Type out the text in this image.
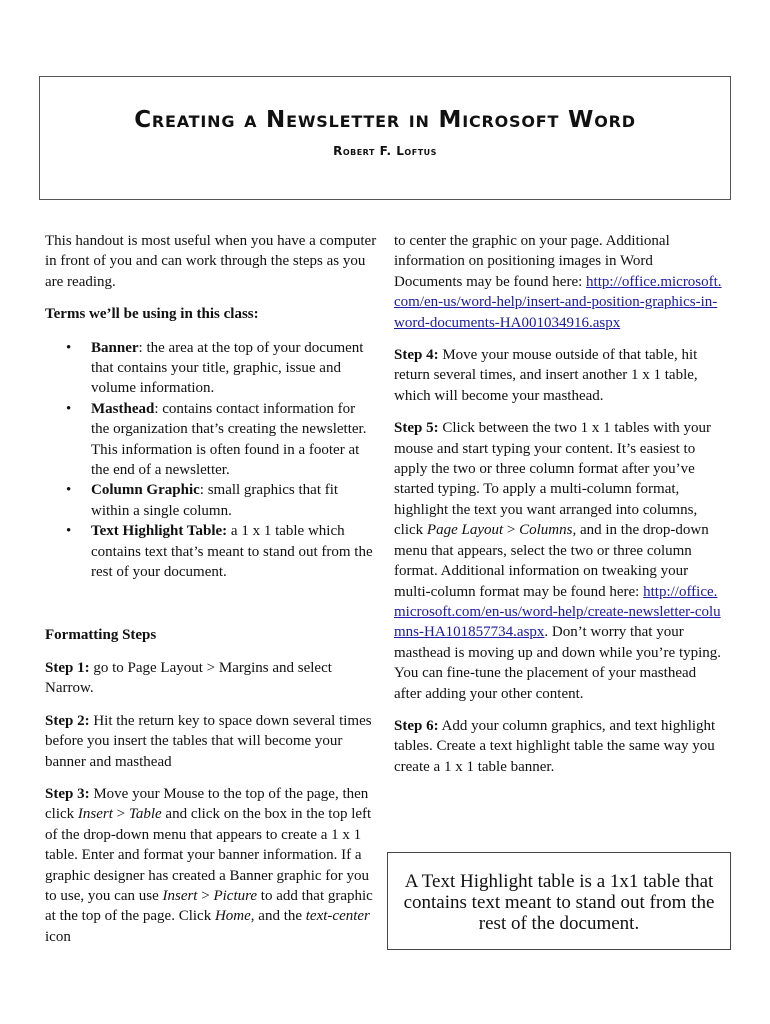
Creating a Newsletter in Microsoft Word
Robert F. Loftus

This handout is most useful when you have a computer in front of you and can work through the steps as you are reading.

Terms we’ll be using in this class:

• Banner: the area at the top of your document that contains your title, graphic, issue and volume information.
• Masthead: contains contact information for the organization that’s creating the newsletter. This information is often found in a footer at the end of a newsletter.
• Column Graphic: small graphics that fit within a single column.
• Text Highlight Table: a 1 x 1 table which contains text that’s meant to stand out from the rest of your document.

Formatting Steps

Step 1: go to Page Layout > Margins and select Narrow.

Step 2: Hit the return key to space down several times before you insert the tables that will become your banner and masthead

Step 3: Move your Mouse to the top of the page, then click Insert > Table and click on the box in the top left of the drop-down menu that appears to create a 1 x 1 table. Enter and format your banner information. If a graphic designer has created a Banner graphic for you to use, you can use Insert > Picture to add that graphic at the top of the page. Click Home, and the text-center icon

to center the graphic on your page. Additional information on positioning images in Word Documents may be found here: http://office.microsoft.com/en-us/word-help/insert-and-position-graphics-in-word-documents-HA001034916.aspx

Step 4: Move your mouse outside of that table, hit return several times, and insert another 1 x 1 table, which will become your masthead.

Step 5: Click between the two 1 x 1 tables with your mouse and start typing your content. It’s easiest to apply the two or three column format after you’ve started typing. To apply a multi-column format, highlight the text you want arranged into columns, click Page Layout > Columns, and in the drop-down menu that appears, select the two or three column format. Additional information on tweaking your multi-column format may be found here: http://office.microsoft.com/en-us/word-help/create-newsletter-columns-HA101857734.aspx. Don’t worry that your masthead is moving up and down while you’re typing. You can fine-tune the placement of your masthead after adding your other content.

Step 6: Add your column graphics, and text highlight tables. Create a text highlight table the same way you create a 1 x 1 table banner.

A Text Highlight table is a 1x1 table that contains text meant to stand out from the rest of the document.
